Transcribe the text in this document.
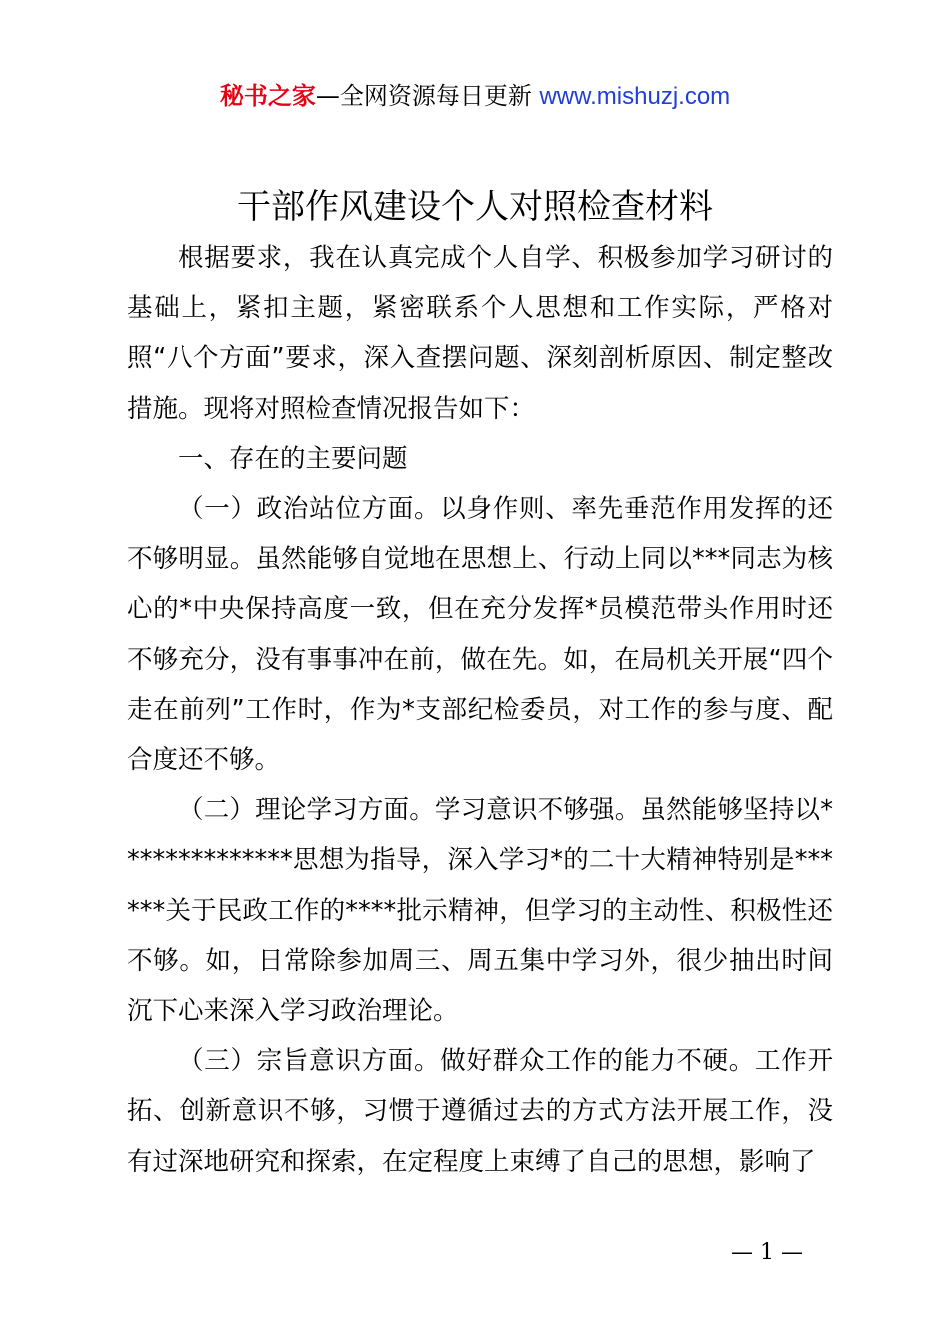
秘书之家—全网资源每日更新 www.mishuzj.com
干部作风建设个人对照检查材料

根据要求，我在认真完成个人自学、积极参加学习研讨的基础上，紧扣主题，紧密联系个人思想和工作实际，严格对照“八个方面”要求，深入查摆问题、深刻剖析原因、制定整改措施。现将对照检查情况报告如下：

一、存在的主要问题

（一）政治站位方面。以身作则、率先垂范作用发挥的还不够明显。虽然能够自觉地在思想上、行动上同以***同志为核心的*中央保持高度一致，但在充分发挥*员模范带头作用时还不够充分，没有事事冲在前，做在先。如，在局机关开展“四个走在前列”工作时，作为*支部纪检委员，对工作的参与度、配合度还不够。

（二）理论学习方面。学习意识不够强。虽然能够坚持以**************思想为指导，深入学习*的二十大精神特别是******关于民政工作的****批示精神，但学习的主动性、积极性还不够。如，日常除参加周三、周五集中学习外，很少抽出时间沉下心来深入学习政治理论。

（三）宗旨意识方面。做好群众工作的能力不硬。工作开拓、创新意识不够，习惯于遵循过去的方式方法开展工作，没有过深地研究和探索，在定程度上束缚了自己的思想，影响了

— 1 —
